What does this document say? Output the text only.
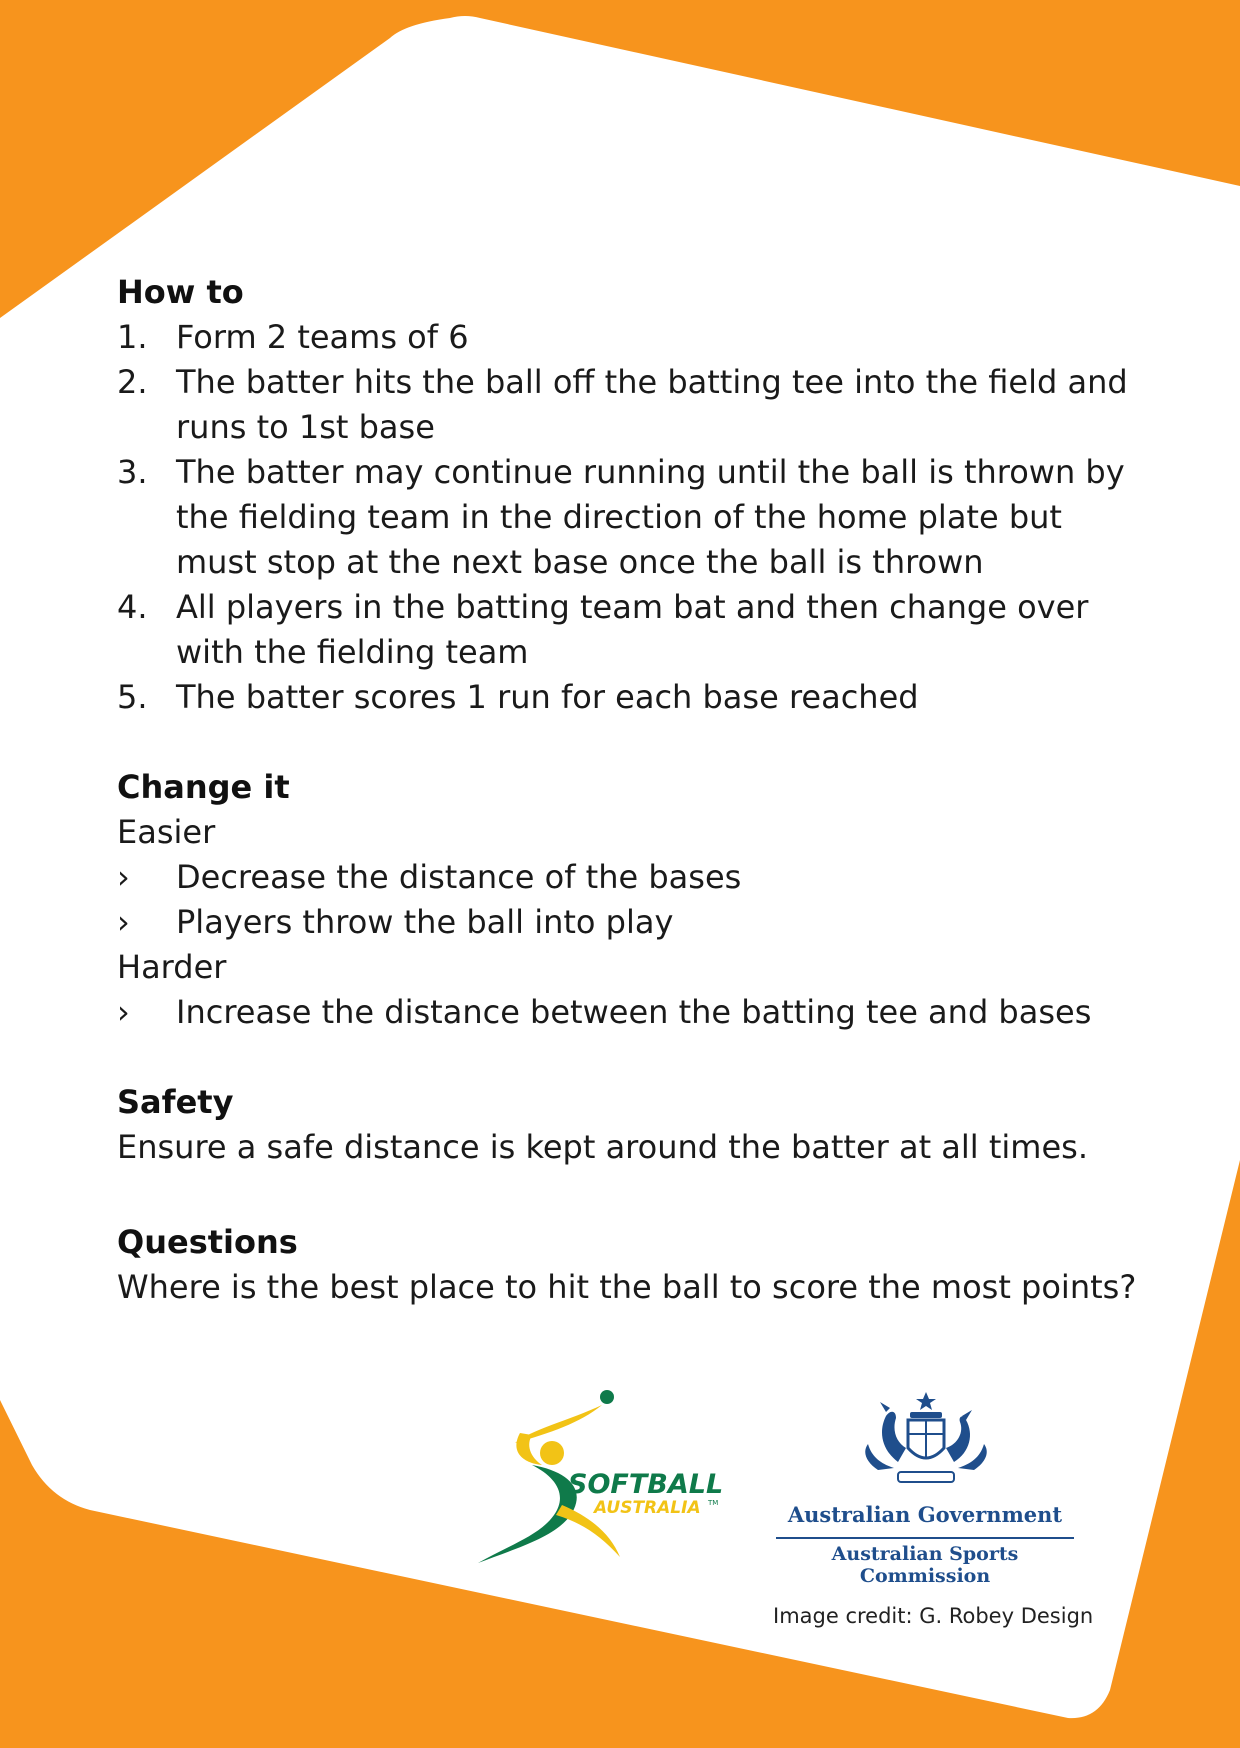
How to
1. Form 2 teams of 6
2. The batter hits the ball off the batting tee into the field and runs to 1st base
3. The batter may continue running until the ball is thrown by the fielding team in the direction of the home plate but must stop at the next base once the ball is thrown
4. All players in the batting team bat and then change over with the fielding team
5. The batter scores 1 run for each base reached
Change it

Easier

› Decrease the distance of the bases
› Players throw the ball into play

Harder

› Increase the distance between the batting tee and bases
Safety

Ensure a safe distance is kept around the batter at all times.

Questions

Where is the best place to hit the ball to score the most points?

SOFTBALL
AUSTRALIA TM	Australian Government
Australian Sports Commission
Image credit: G. Robey Design
